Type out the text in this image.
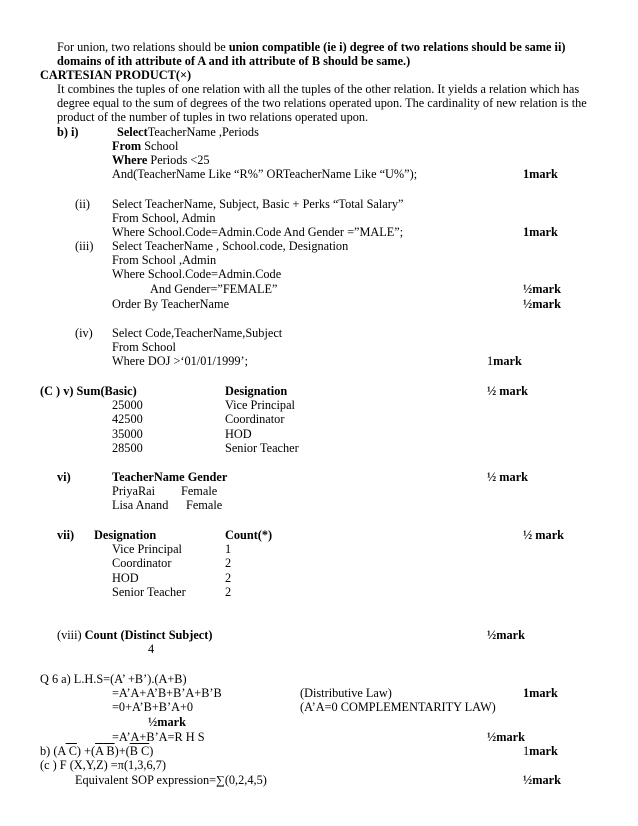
For union, two relations should be union compatible (ie i) degree of two relations should be same ii)
domains of ith attribute of A and ith attribute of B should be same.)
CARTESIAN PRODUCT(×)
It combines the tuples of one relation with all the tuples of the other relation. It yields a relation which has
degree equal to the sum of degrees of the two relations operated upon. The cardinality of new relation is the
product of the number of tuples in two relations operated upon.
b) i)	SelectTeacherName ,Periods
From School
Where Periods <25
And(TeacherName Like “R%” ORTeacherName Like “U%”);	1mark
(ii) Select TeacherName, Subject, Basic + Perks “Total Salary”
From School, Admin
Where School.Code=Admin.Code And Gender =”MALE”;	1mark
(iii) Select TeacherName , School.code, Designation
From School ,Admin
Where School.Code=Admin.Code
And Gender=”FEMALE”	½mark
Order By TeacherName	½mark
(iv) Select Code,TeacherName,Subject
From School
Where DOJ >‘01/01/1999’;	1mark
(C ) v) Sum(Basic)	Designation	½ mark
25000	Vice Principal
42500	Coordinator
35000	HOD
28500	Senior Teacher
vi)	TeacherName Gender	½ mark
PriyaRai Female
Lisa Anand Female
vii) Designation	Count(*)	½ mark
Vice Principal	1
Coordinator	2
HOD	2
Senior Teacher	2
(viii) Count (Distinct Subject)	½mark
4
Q 6 a) L.H.S=(A’ +B’).(A+B)
=A’A+A’B+B’A+B’B	(Distributive Law)	1mark
=0+A’B+B’A+0	(A’A=0 COMPLEMENTARITY LAW)
½mark
=A’A+B’A=R H S	½mark
b) (A $C) +(\overline{A}$ $B)+(\overline{B}$ C)	1mark
(c ) F (X,Y,Z) =π(1,3,6,7)
Equivalent SOP expression=∑(0,2,4,5)	½mark
